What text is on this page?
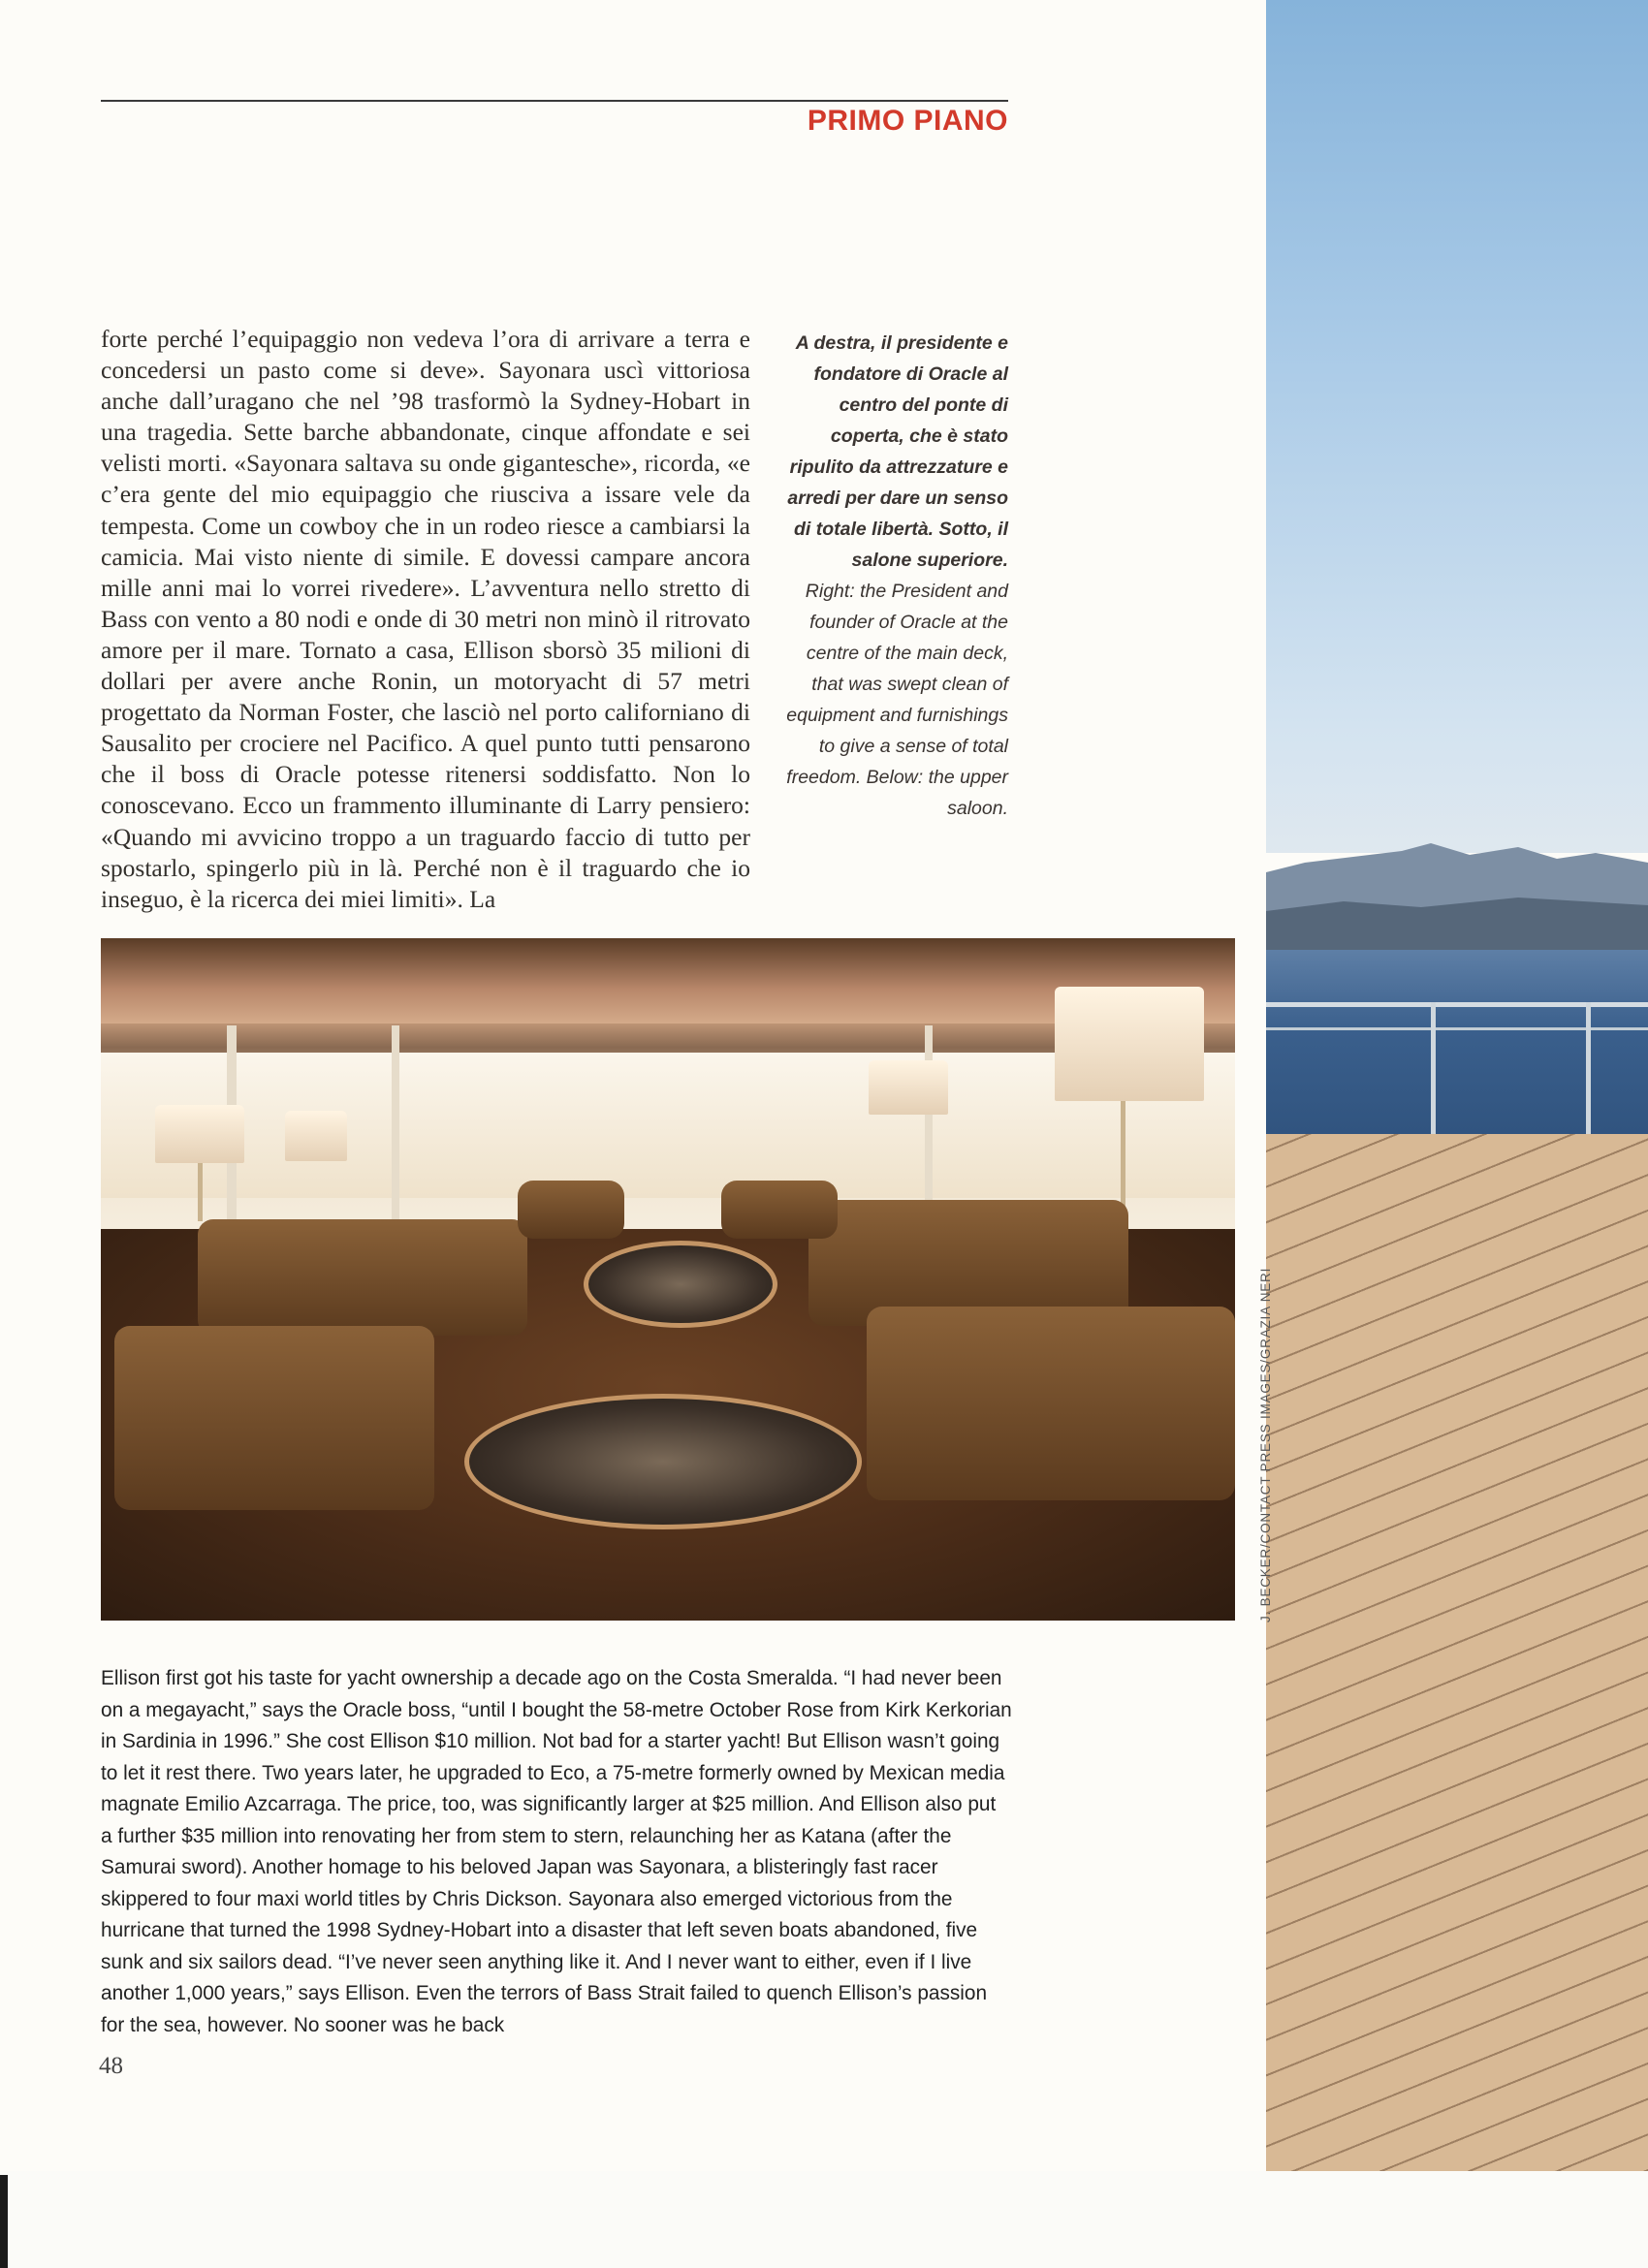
PRIMO PIANO

forte perché l’equipaggio non vedeva l’ora di arrivare a terra e concedersi un pasto come si deve». Sayonara uscì vittoriosa anche dall’uragano che nel ’98 trasformò la Sydney-Hobart in una tragedia. Sette barche abbandonate, cinque affondate e sei velisti morti. «Sayonara saltava su onde gigantesche», ricorda, «e c’era gente del mio equipaggio che riusciva a issare vele da tempesta. Come un cowboy che in un rodeo riesce a cambiarsi la camicia. Mai visto niente di simile. E dovessi campare ancora mille anni mai lo vorrei rivedere». L’avventura nello stretto di Bass con vento a 80 nodi e onde di 30 metri non minò il ritrovato amore per il mare. Tornato a casa, Ellison sborsò 35 milioni di dollari per avere anche Ronin, un motoryacht di 57 metri progettato da Norman Foster, che lasciò nel porto californiano di Sausalito per crociere nel Pacifico. A quel punto tutti pensarono che il boss di Oracle potesse ritenersi soddisfatto. Non lo conoscevano. Ecco un frammento illuminante di Larry pensiero: «Quando mi avvicino troppo a un traguardo faccio di tutto per spostarlo, spingerlo più in là. Perché non è il traguardo che io inseguo, è la ricerca dei miei limiti». La

A destra, il presidente e fondatore di Oracle al centro del ponte di coperta, che è stato ripulito da attrezzature e arredi per dare un senso di totale libertà. Sotto, il salone superiore.

Right: the President and founder of Oracle at the centre of the main deck, that was swept clean of equipment and furnishings to give a sense of total freedom. Below: the upper saloon.

J. BECKER/CONTACT PRESS IMAGES/GRAZIA NERI

Ellison first got his taste for yacht ownership a decade ago on the Costa Smeralda. “I had never been on a megayacht,” says the Oracle boss, “until I bought the 58-metre October Rose from Kirk Kerkorian in Sardinia in 1996.” She cost Ellison $10 million. Not bad for a starter yacht! But Ellison wasn’t going to let it rest there. Two years later, he upgraded to Eco, a 75-metre formerly owned by Mexican media magnate Emilio Azcarraga. The price, too, was significantly larger at $25 million. And Ellison also put a further $35 million into renovating her from stem to stern, relaunching her as Katana (after the Samurai sword). Another homage to his beloved Japan was Sayonara, a blisteringly fast racer skippered to four maxi world titles by Chris Dickson. Sayonara also emerged victorious from the hurricane that turned the 1998 Sydney-Hobart into a disaster that left seven boats abandoned, five sunk and six sailors dead. “I’ve never seen anything like it. And I never want to either, even if I live another 1,000 years,” says Ellison. Even the terrors of Bass Strait failed to quench Ellison’s passion for the sea, however. No sooner was he back

48
